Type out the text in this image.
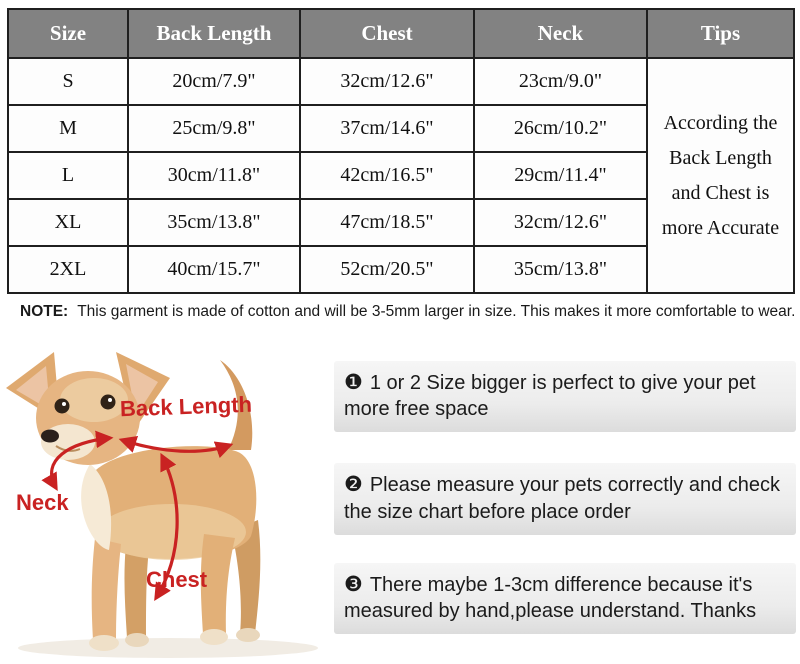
Size	Back Length	Chest	Neck	Tips
S	20cm/7.9"	32cm/12.6"	23cm/9.0"	According the Back Length and Chest is more Accurate
M	25cm/9.8"	37cm/14.6"	26cm/10.2"	
L	30cm/11.8"	42cm/16.5"	29cm/11.4"	
XL	35cm/13.8"	47cm/18.5"	32cm/12.6"	
2XL	40cm/15.7"	52cm/20.5"	35cm/13.8"	
NOTE: This garment is made of cotton and will be 3-5mm larger in size. This makes it more comfortable to wear.
Back Length
Neck
Chest
❶ 1 or 2 Size bigger is perfect to give your pet more free space
❷ Please measure your pets correctly and check the size chart before place order
❸ There maybe 1-3cm difference because it's measured by hand,please understand. Thanks
